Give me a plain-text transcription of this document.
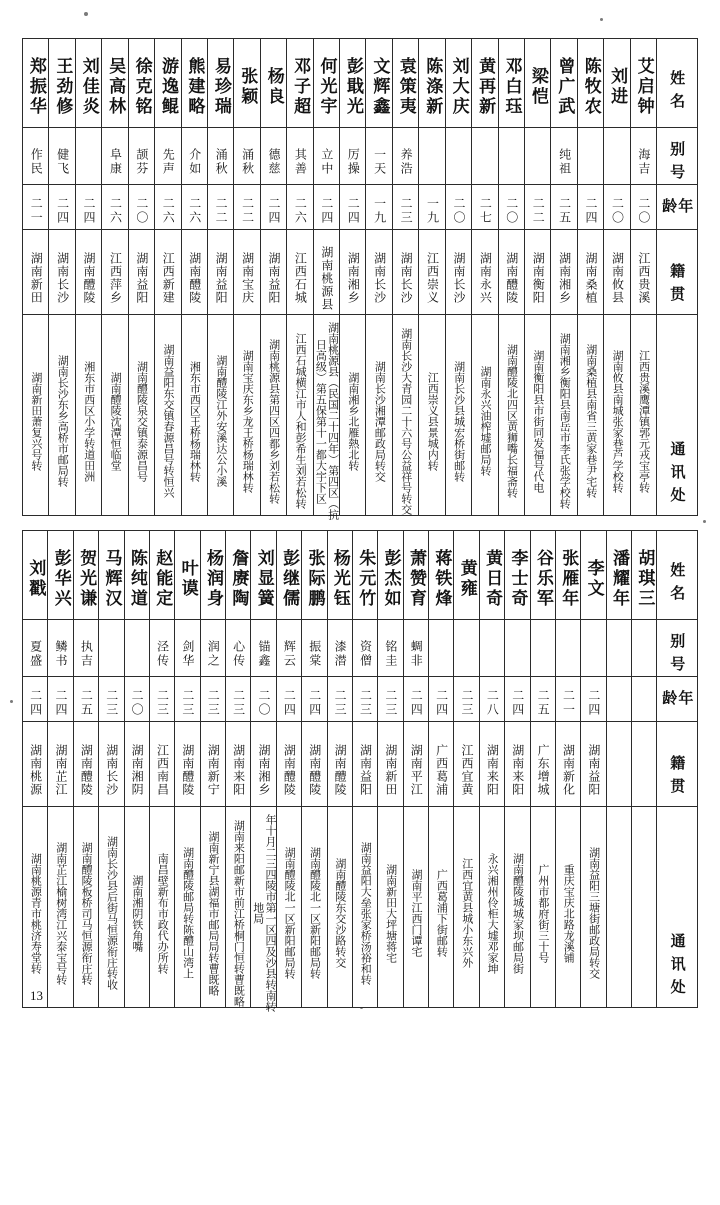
郑振华	王劲修	刘佳炎	吴高林	徐克铭	游逸鲲	熊建略	易珍瑞	张颖	杨良	邓子超	何光宇	彭戢光	文辉鑫	袁策夷	陈涤新	刘大庆	黄再新	邓白珏	梁恺	曾广武	陈牧农	刘进	艾启钟	姓名

作民	健飞		阜康	颉芬	先声	介如	涌秋	涌秋	德慈	其善	立中	厉操	一天	养浩						纯祖			海吉	别号

二一	二四	二四	二六	二〇	二六	二六	二二	二二	二四	二六	二四	二四	一九	二三	一九	二〇	二七	二〇	二二	二五	二四	二〇	二〇	年龄

湖南新田	湖南长沙	湖南醴陵	江西萍乡	湖南益阳	江西新建	湖南醴陵	湖南益阳	湖南宝庆	湖南益阳	江西石城	湖南桃源县	湖南湘乡	湖南长沙	湖南长沙	江西崇义	湖南长沙	湖南永兴	湖南醴陵	湖南衡阳	湖南湘乡	湖南桑植	湖南攸县	江西贵溪	籍贯

湖南新田萧复兴号转	湖南长沙东乡高桥市邮局转	湘东市西区小学转道田洲	湖南醴陵沈潭恒临堂	湖南醴陵泉交镇泰源昌号	湖南益阳东交镇春源昌号转恒兴	湘东市西区王桥杨瑞林转	湖南醴陵江外安溪达公小溪	湖南宝庆东乡龙王桥杨瑞林转	湖南桃源县第四区四都乡刘若松转	江西石城横江市人和彭希生刘若松转	湖南桃源县（民国二十四年）第四区（抗日高级）第五保第十一都大宇下区	湖南湘乡北雁熱北转	湖南长沙湘潭邮政局转交	湖南长沙大青园二十六号公益祥号转交	江西崇义县景城内转	湖南长沙县城宏桥街邮转	湖南永兴油榨墟邮局转	湖南醴陵北四区黄狮嘴长福斋转	湖南衡阳县市街同发福号代电	湖南湘乡衡阳县南岳市李氏张学校转	湖南桑植县南省三黄家巷尹宅转	湖南攸县南城张家巷芦学校转	江西贵溪鹰潭镇郭元戎宝亭转	通讯处
刘戳	彭华兴	贺光谦	马辉汉	陈纯道	赵能定	叶谟	杨润身	詹赓陶	刘显簧	彭继儒	张际鹏	杨光钰	朱元竹	彭杰如	萧赞育	蒋铁烽	黄雍	黄日奇	李士奇	谷乐军	张雁年	李文	潘耀年	胡琪三	姓名

夏盛	鳞书	执吉			泾传	剑华	润之	心传	锚鑫	辉云	振棠	漆潜	资僧	铭圭	蜩非										别号

二四	二四	二五	二三	二〇	二三	二三	二三	二三	二〇	二四	二四	二三	二三	二三	二四	二四	二三	二八	二四	二五	二一	二四			年龄

湖南桃源	湖南芷江	湖南醴陵	湖南长沙	湖南湘阴	江西南昌	湖南醴陵	湖南新宁	湖南来阳	湖南湘乡	湖南醴陵	湖南醴陵	湖南醴陵	湖南益阳	湖南新田	湖南平江	广西葛浦	江西宜黄	湖南来阳	湖南来阳	广东增城	湖南新化	湖南益阳			籍贯

湖南桃源青市桃济寿堂转	湖南芷江榆树湾江兴泰宝号转	湖南醴陵板桥司马恒源衔庄转	湖南长沙县后街马恒源衔庄转收	湖南湘阴铁角嘴	南昌壁新布市政代办所转	湖南醴陵邮局转陈醴山湾上	湖南新宁县湖福市邮局局转曹既略	湖南来阳邮新市前江桥桐门恒转曹既略	年十月二三四陵市第一区四及沙县转南转地局	湖南醴陵北一区新阳邮局转	湖南醴陵北一区新阳邮局转	湖南醴陵东交沙路转交	湖南益阳大垒张家桥汤裕和转	湖南新田大坪塘蒋宅	湖南平江西门谭宅	广西葛浦下街邮转	江西宜黄县城小东兴外	永兴湘州伶柜大墟邓家坤	湖南醴陵城城家坝邮局街	广州市都府街三十号	重庆宝庆北路龙溪铺	湖南益阳三塘街邮政局转交			通讯处
13
